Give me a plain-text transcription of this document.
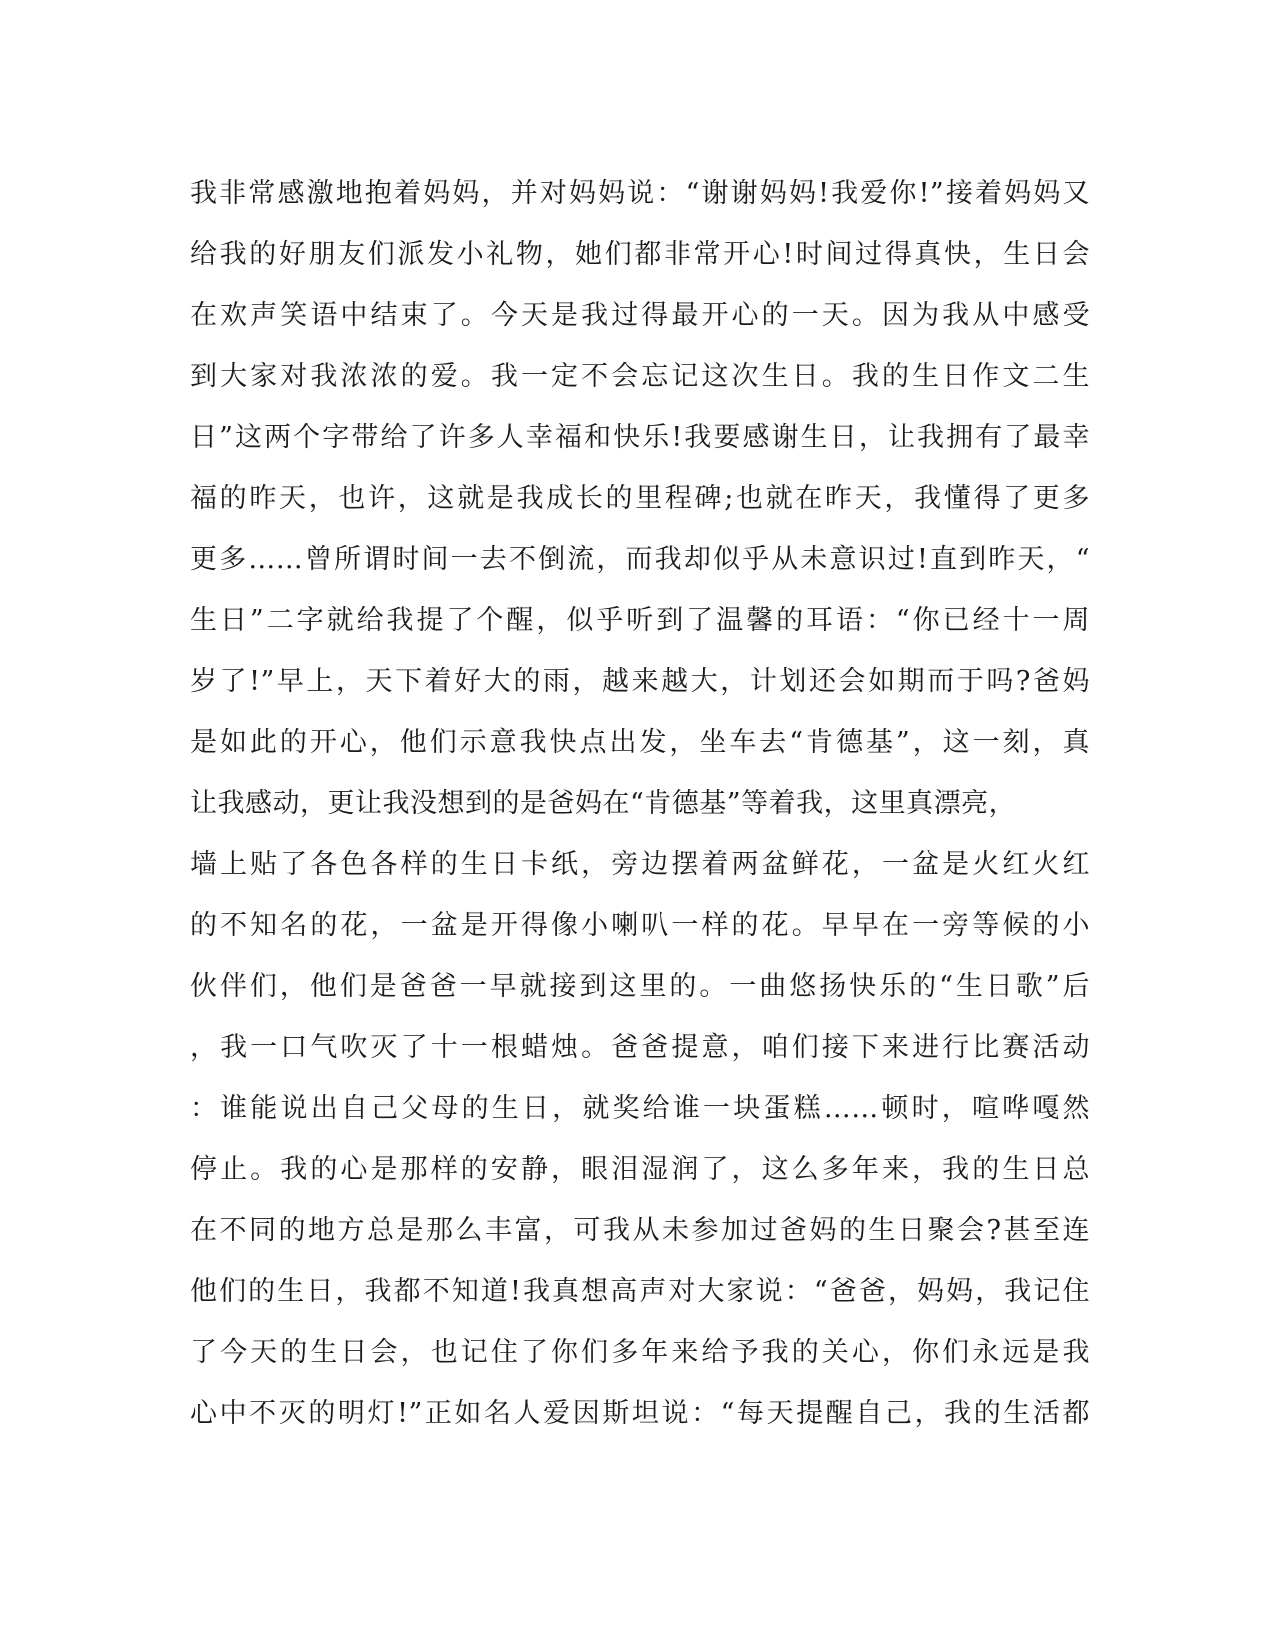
我非常感激地抱着妈妈，并对妈妈说：“谢谢妈妈!我爱你!”接着妈妈又
给我的好朋友们派发小礼物，她们都非常开心!时间过得真快，生日会
在欢声笑语中结束了。今天是我过得最开心的一天。因为我从中感受
到大家对我浓浓的爱。我一定不会忘记这次生日。我的生日作文二生
日”这两个字带给了许多人幸福和快乐!我要感谢生日，让我拥有了最幸
福的昨天，也许，这就是我成长的里程碑;也就在昨天，我懂得了更多
更多……曾所谓时间一去不倒流，而我却似乎从未意识过!直到昨天，“
生日”二字就给我提了个醒，似乎听到了温馨的耳语：“你已经十一周
岁了!”早上，天下着好大的雨，越来越大，计划还会如期而于吗?爸妈
是如此的开心，他们示意我快点出发，坐车去“肯德基”，这一刻，真
让我感动，更让我没想到的是爸妈在“肯德基”等着我，这里真漂亮，
墙上贴了各色各样的生日卡纸，旁边摆着两盆鲜花，一盆是火红火红
的不知名的花，一盆是开得像小喇叭一样的花。早早在一旁等候的小
伙伴们，他们是爸爸一早就接到这里的。一曲悠扬快乐的“生日歌”后
，我一口气吹灭了十一根蜡烛。爸爸提意，咱们接下来进行比赛活动
：谁能说出自己父母的生日，就奖给谁一块蛋糕……顿时，喧哗嘎然
停止。我的心是那样的安静，眼泪湿润了，这么多年来，我的生日总
在不同的地方总是那么丰富，可我从未参加过爸妈的生日聚会?甚至连
他们的生日，我都不知道!我真想高声对大家说：“爸爸，妈妈，我记住
了今天的生日会，也记住了你们多年来给予我的关心，你们永远是我
心中不灭的明灯!”正如名人爱因斯坦说：“每天提醒自己，我的生活都
